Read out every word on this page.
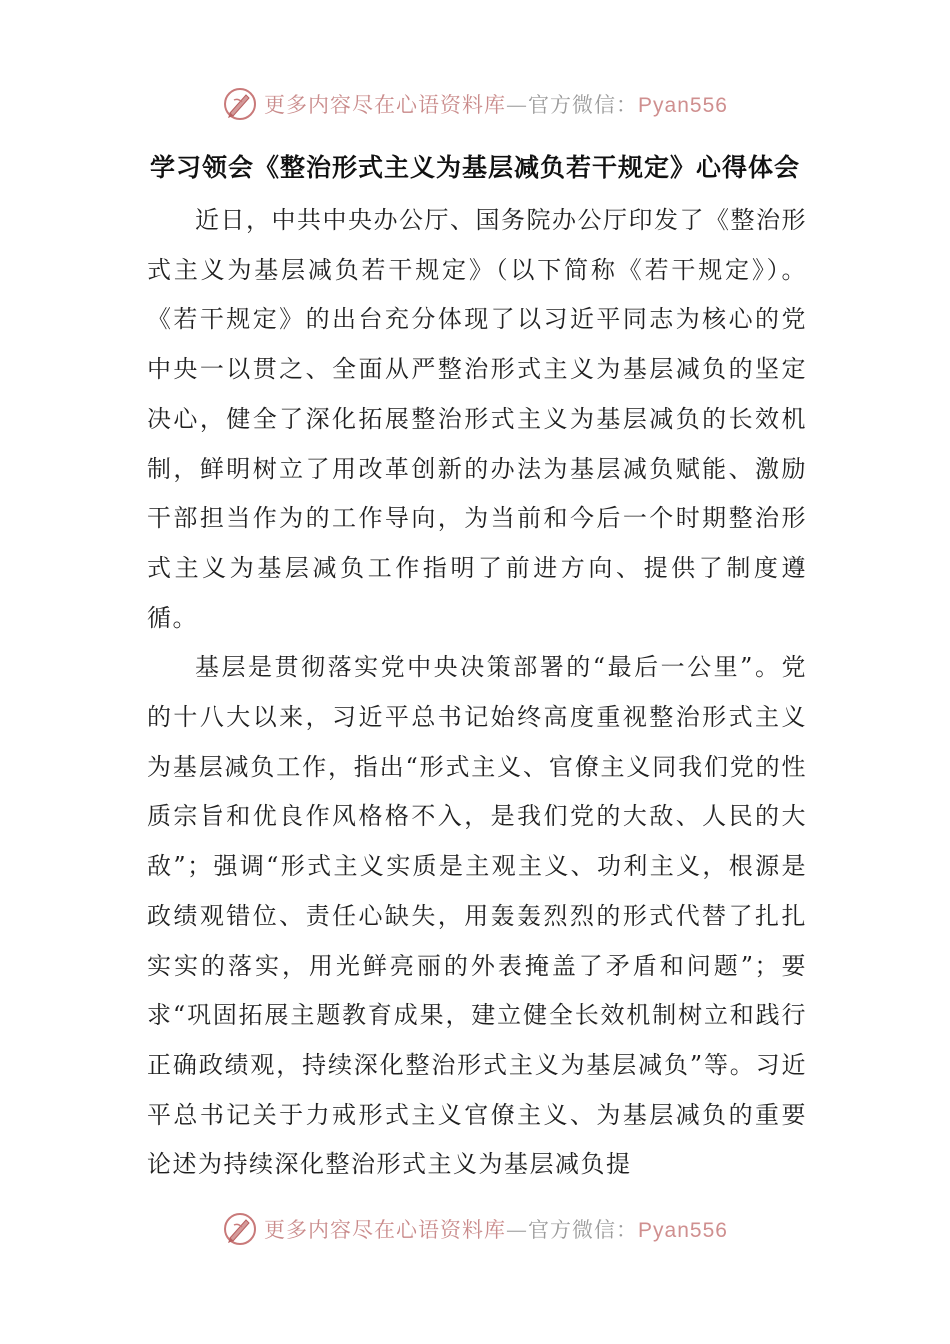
更多内容尽在心语资料库—官方微信：Pyan556
学习领会《整治形式主义为基层减负若干规定》心得体会

近日，中共中央办公厅、国务院办公厅印发了《整治形式主义为基层减负若干规定》（以下简称《若干规定》）。《若干规定》的出台充分体现了以习近平同志为核心的党中央一以贯之、全面从严整治形式主义为基层减负的坚定决心，健全了深化拓展整治形式主义为基层减负的长效机制，鲜明树立了用改革创新的办法为基层减负赋能、激励干部担当作为的工作导向，为当前和今后一个时期整治形式主义为基层减负工作指明了前进方向、提供了制度遵循。

基层是贯彻落实党中央决策部署的“最后一公里”。党的十八大以来，习近平总书记始终高度重视整治形式主义为基层减负工作，指出“形式主义、官僚主义同我们党的性质宗旨和优良作风格格不入，是我们党的大敌、人民的大敌”；强调“形式主义实质是主观主义、功利主义，根源是政绩观错位、责任心缺失，用轰轰烈烈的形式代替了扎扎实实的落实，用光鲜亮丽的外表掩盖了矛盾和问题”；要求“巩固拓展主题教育成果，建立健全长效机制树立和践行正确政绩观，持续深化整治形式主义为基层减负”等。习近平总书记关于力戒形式主义官僚主义、为基层减负的重要论述为持续深化整治形式主义为基层减负提

更多内容尽在心语资料库—官方微信：Pyan556
